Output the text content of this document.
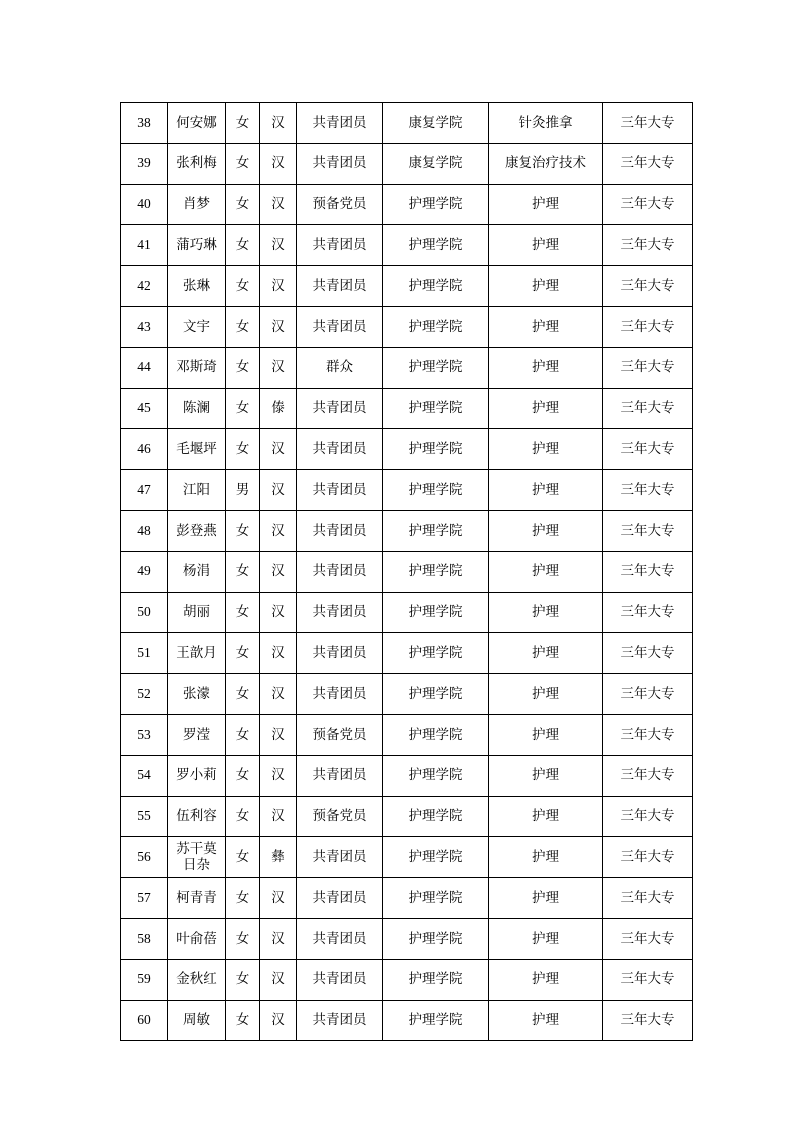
38	何安娜	女	汉	共青团员	康复学院	针灸推拿	三年大专
39	张利梅	女	汉	共青团员	康复学院	康复治疗技术	三年大专
40	肖梦	女	汉	预备党员	护理学院	护理	三年大专
41	蒲巧琳	女	汉	共青团员	护理学院	护理	三年大专
42	张琳	女	汉	共青团员	护理学院	护理	三年大专
43	文宇	女	汉	共青团员	护理学院	护理	三年大专
44	邓斯琦	女	汉	群众	护理学院	护理	三年大专
45	陈澜	女	傣	共青团员	护理学院	护理	三年大专
46	毛堰坪	女	汉	共青团员	护理学院	护理	三年大专
47	江阳	男	汉	共青团员	护理学院	护理	三年大专
48	彭登燕	女	汉	共青团员	护理学院	护理	三年大专
49	杨涓	女	汉	共青团员	护理学院	护理	三年大专
50	胡丽	女	汉	共青团员	护理学院	护理	三年大专
51	王歆月	女	汉	共青团员	护理学院	护理	三年大专
52	张濛	女	汉	共青团员	护理学院	护理	三年大专
53	罗滢	女	汉	预备党员	护理学院	护理	三年大专
54	罗小莉	女	汉	共青团员	护理学院	护理	三年大专
55	伍利容	女	汉	预备党员	护理学院	护理	三年大专
56	苏干莫日杂	女	彝	共青团员	护理学院	护理	三年大专
57	柯青青	女	汉	共青团员	护理学院	护理	三年大专
58	叶俞蓓	女	汉	共青团员	护理学院	护理	三年大专
59	金秋红	女	汉	共青团员	护理学院	护理	三年大专
60	周敏	女	汉	共青团员	护理学院	护理	三年大专
